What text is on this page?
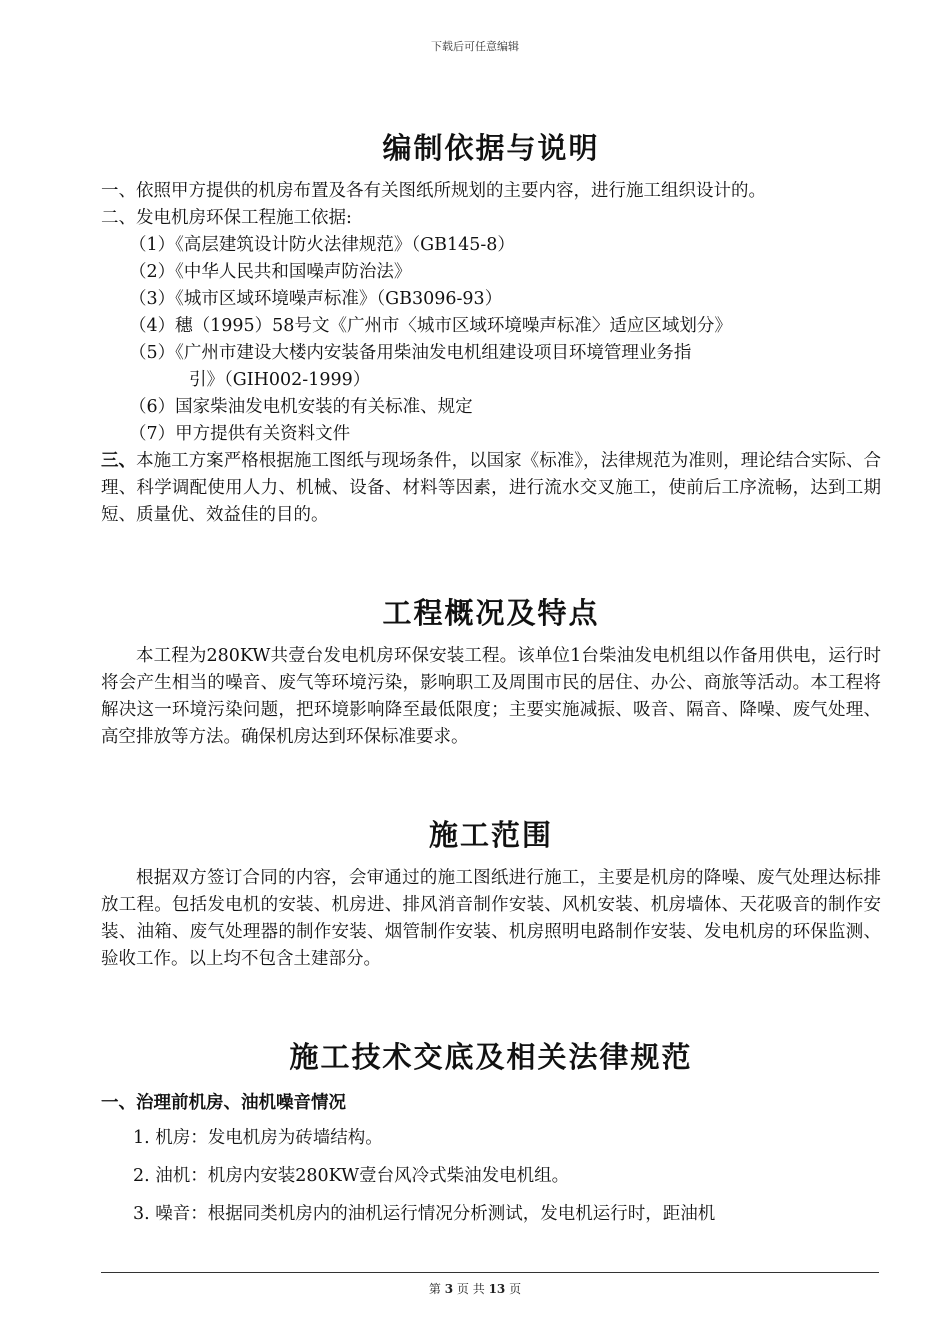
下载后可任意编辑
编制依据与说明

一、依照甲方提供的机房布置及各有关图纸所规划的主要内容，进行施工组织设计的。

二、发电机房环保工程施工依据:

（1）《高层建筑设计防火法律规范》（GB145-8）

（2）《中华人民共和国噪声防治法》

（3）《城市区域环境噪声标准》（GB3096-93）

（4）穗（1995）58号文《广州市〈城市区域环境噪声标准〉适应区域划分》

（5）《广州市建设大楼内安装备用柴油发电机组建设项目环境管理业务指
引》（GIH002-1999）

（6）国家柴油发电机安装的有关标准、规定

（7）甲方提供有关资料文件

三、本施工方案严格根据施工图纸与现场条件，以国家《标准》，法律规范为准则，理论结合实际、合理、科学调配使用人力、机械、设备、材料等因素，进行流水交叉施工，使前后工序流畅，达到工期短、质量优、效益佳的目的。

工程概况及特点

本工程为280KW共壹台发电机房环保安装工程。该单位1台柴油发电机组以作备用供电，运行时将会产生相当的噪音、废气等环境污染，影响职工及周围市民的居住、办公、商旅等活动。本工程将解决这一环境污染问题，把环境影响降至最低限度；主要实施减振、吸音、隔音、降噪、废气处理、高空排放等方法。确保机房达到环保标准要求。

施工范围

根据双方签订合同的内容，会审通过的施工图纸进行施工，主要是机房的降噪、废气处理达标排放工程。包括发电机的安装、机房进、排风消音制作安装、风机安装、机房墙体、天花吸音的制作安装、油箱、废气处理器的制作安装、烟管制作安装、机房照明电路制作安装、发电机房的环保监测、验收工作。以上均不包含土建部分。

施工技术交底及相关法律规范

一、治理前机房、油机噪音情况

1. 机房：发电机房为砖墙结构。

2. 油机：机房内安装280KW壹台风冷式柴油发电机组。

3. 噪音：根据同类机房内的油机运行情况分析测试，发电机运行时，距油机

第 3 页 共 13 页
